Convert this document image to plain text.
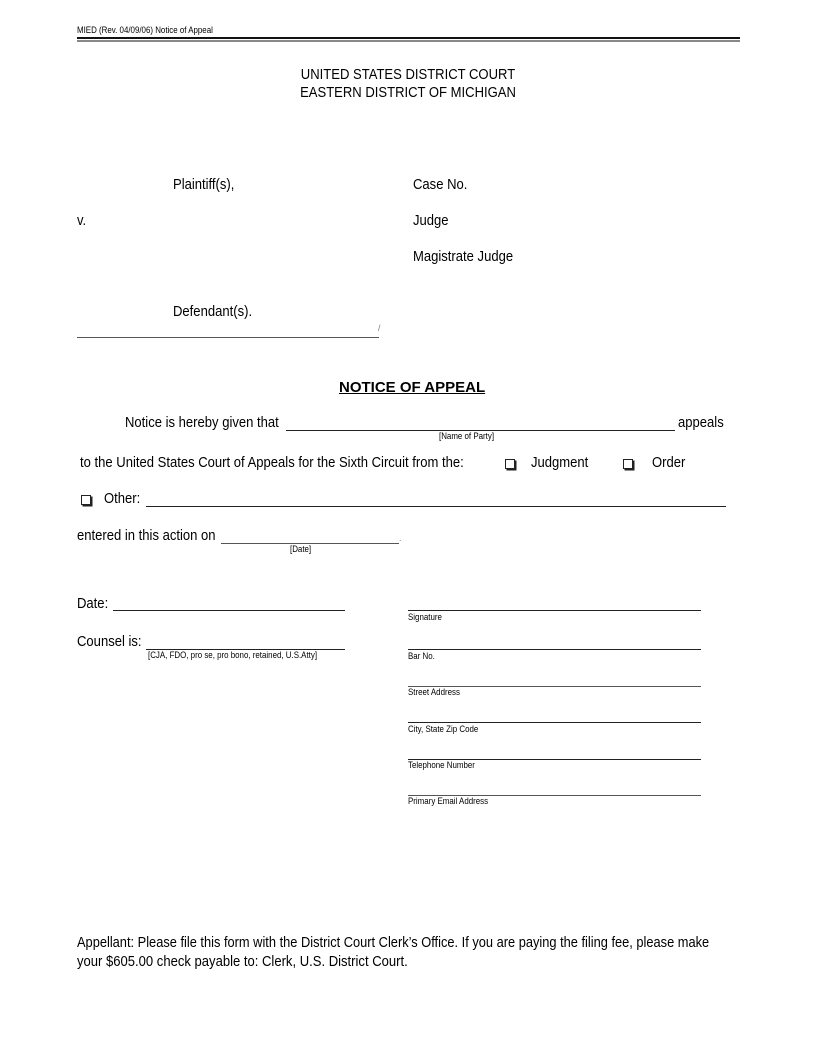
MIED (Rev. 04/09/06) Notice of Appeal
UNITED STATES DISTRICT COURT
EASTERN DISTRICT OF MICHIGAN
Plaintiff(s),
v.
Defendant(s).
/
Case No.
Judge
Magistrate Judge
NOTICE OF APPEAL
Notice is hereby given that
[Name of Party]
appeals
to the United States Court of Appeals for the Sixth Circuit from the:	Judgment	Order
Other:
entered in this action on	.
[Date]
Date:
Counsel is:
[CJA, FDO, pro se, pro bono, retained, U.S.Atty]
Signature
Bar No.
Street Address
City, State Zip Code
Telephone Number
Primary Email Address
Appellant: Please file this form with the District Court Clerk’s Office. If you are paying the filing fee, please make
your $605.00 check payable to: Clerk, U.S. District Court.
